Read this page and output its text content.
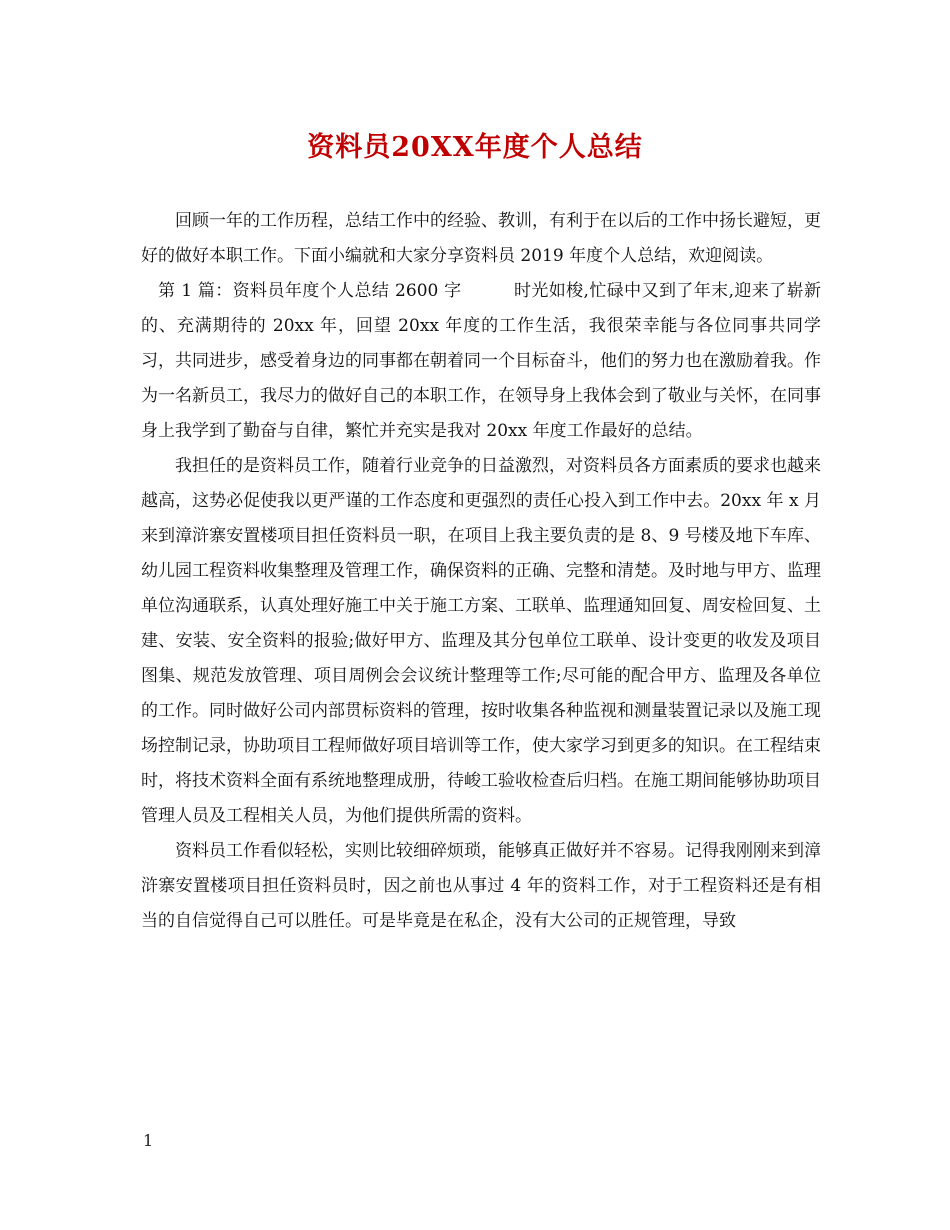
资料员20XX年度个人总结

回顾一年的工作历程，总结工作中的经验、教训，有利于在以后的工作中扬长避短，更好的做好本职工作。下面小编就和大家分享资料员 2019 年度个人总结，欢迎阅读。

第 1 篇：资料员年度个人总结 2600 字	时光如梭,忙碌中又到了年末,迎来了崭新的、充满期待的 20xx 年，回望 20xx 年度的工作生活，我很荣幸能与各位同事共同学习，共同进步，感受着身边的同事都在朝着同一个目标奋斗，他们的努力也在激励着我。作为一名新员工，我尽力的做好自己的本职工作，在领导身上我体会到了敬业与关怀，在同事身上我学到了勤奋与自律，繁忙并充实是我对 20xx 年度工作最好的总结。

我担任的是资料员工作，随着行业竞争的日益激烈，对资料员各方面素质的要求也越来越高，这势必促使我以更严谨的工作态度和更强烈的责任心投入到工作中去。20xx 年 x 月来到漳浒寨安置楼项目担任资料员一职，在项目上我主要负责的是 8、9 号楼及地下车库、幼儿园工程资料收集整理及管理工作，确保资料的正确、完整和清楚。及时地与甲方、监理单位沟通联系，认真处理好施工中关于施工方案、工联单、监理通知回复、周安检回复、土建、安装、安全资料的报验;做好甲方、监理及其分包单位工联单、设计变更的收发及项目图集、规范发放管理、项目周例会会议统计整理等工作;尽可能的配合甲方、监理及各单位的工作。同时做好公司内部贯标资料的管理，按时收集各种监视和测量装置记录以及施工现场控制记录，协助项目工程师做好项目培训等工作，使大家学习到更多的知识。在工程结束时，将技术资料全面有系统地整理成册，待峻工验收检查后归档。在施工期间能够协助项目管理人员及工程相关人员，为他们提供所需的资料。

资料员工作看似轻松，实则比较细碎烦琐，能够真正做好并不容易。记得我刚刚来到漳浒寨安置楼项目担任资料员时，因之前也从事过 4 年的资料工作，对于工程资料还是有相当的自信觉得自己可以胜任。可是毕竟是在私企，没有大公司的正规管理，导致

1
